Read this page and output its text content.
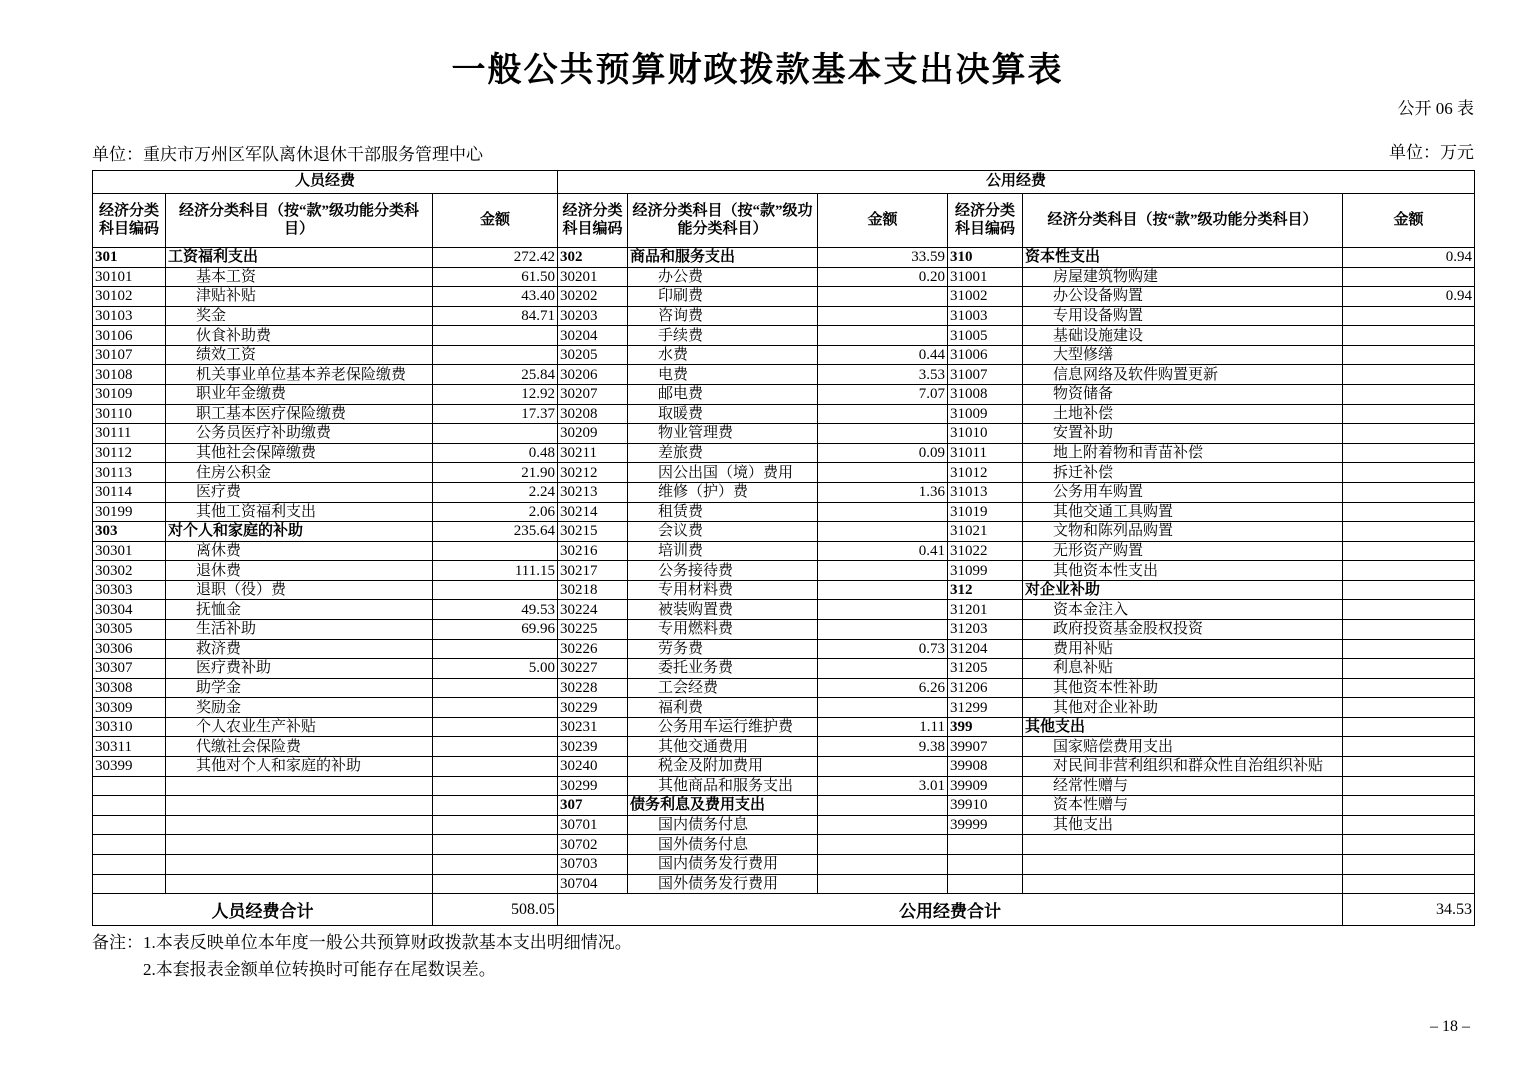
一般公共预算财政拨款基本支出决算表
公开 06 表
单位：重庆市万州区军队离休退休干部服务管理中心	单位：万元
人员经费			公用经费					
经济分类科目编码	经济分类科目（按“款”级功能分类科目）	金额	经济分类科目编码	经济分类科目（按“款”级功能分类科目）	金额	经济分类科目编码	经济分类科目（按“款”级功能分类科目）	金额
301	工资福利支出	272.42	302	商品和服务支出	33.59	310	资本性支出	0.94
30101	基本工资	61.50	30201	办公费	0.20	31001	房屋建筑物购建	
30102	津贴补贴	43.40	30202	印刷费		31002	办公设备购置	0.94
30103	奖金	84.71	30203	咨询费		31003	专用设备购置	
30106	伙食补助费		30204	手续费		31005	基础设施建设	
30107	绩效工资		30205	水费	0.44	31006	大型修缮	
30108	机关事业单位基本养老保险缴费	25.84	30206	电费	3.53	31007	信息网络及软件购置更新	
30109	职业年金缴费	12.92	30207	邮电费	7.07	31008	物资储备	
30110	职工基本医疗保险缴费	17.37	30208	取暖费		31009	土地补偿	
30111	公务员医疗补助缴费		30209	物业管理费		31010	安置补助	
30112	其他社会保障缴费	0.48	30211	差旅费	0.09	31011	地上附着物和青苗补偿	
30113	住房公积金	21.90	30212	因公出国（境）费用		31012	拆迁补偿	
30114	医疗费	2.24	30213	维修（护）费	1.36	31013	公务用车购置	
30199	其他工资福利支出	2.06	30214	租赁费		31019	其他交通工具购置	
303	对个人和家庭的补助	235.64	30215	会议费		31021	文物和陈列品购置	
30301	离休费		30216	培训费	0.41	31022	无形资产购置	
30302	退休费	111.15	30217	公务接待费		31099	其他资本性支出	
30303	退职（役）费		30218	专用材料费		312	对企业补助	
30304	抚恤金	49.53	30224	被装购置费		31201	资本金注入	
30305	生活补助	69.96	30225	专用燃料费		31203	政府投资基金股权投资	
30306	救济费		30226	劳务费	0.73	31204	费用补贴	
30307	医疗费补助	5.00	30227	委托业务费		31205	利息补贴	
30308	助学金		30228	工会经费	6.26	31206	其他资本性补助	
30309	奖励金		30229	福利费		31299	其他对企业补助	
30310	个人农业生产补贴		30231	公务用车运行维护费	1.11	399	其他支出	
30311	代缴社会保险费		30239	其他交通费用	9.38	39907	国家赔偿费用支出	
30399	其他对个人和家庭的补助		30240	税金及附加费用		39908	对民间非营利组织和群众性自治组织补贴	
			30299	其他商品和服务支出	3.01	39909	经常性赠与	
			307	债务利息及费用支出		39910	资本性赠与	
			30701	国内债务付息		39999	其他支出	
			30702	国外债务付息				
			30703	国内债务发行费用				
			30704	国外债务发行费用				
人员经费合计		508.05	公用经费合计					34.53
备注： 1.本表反映单位本年度一般公共预算财政拨款基本支出明细情况。
2.本套报表金额单位转换时可能存在尾数误差。
– 18 –
